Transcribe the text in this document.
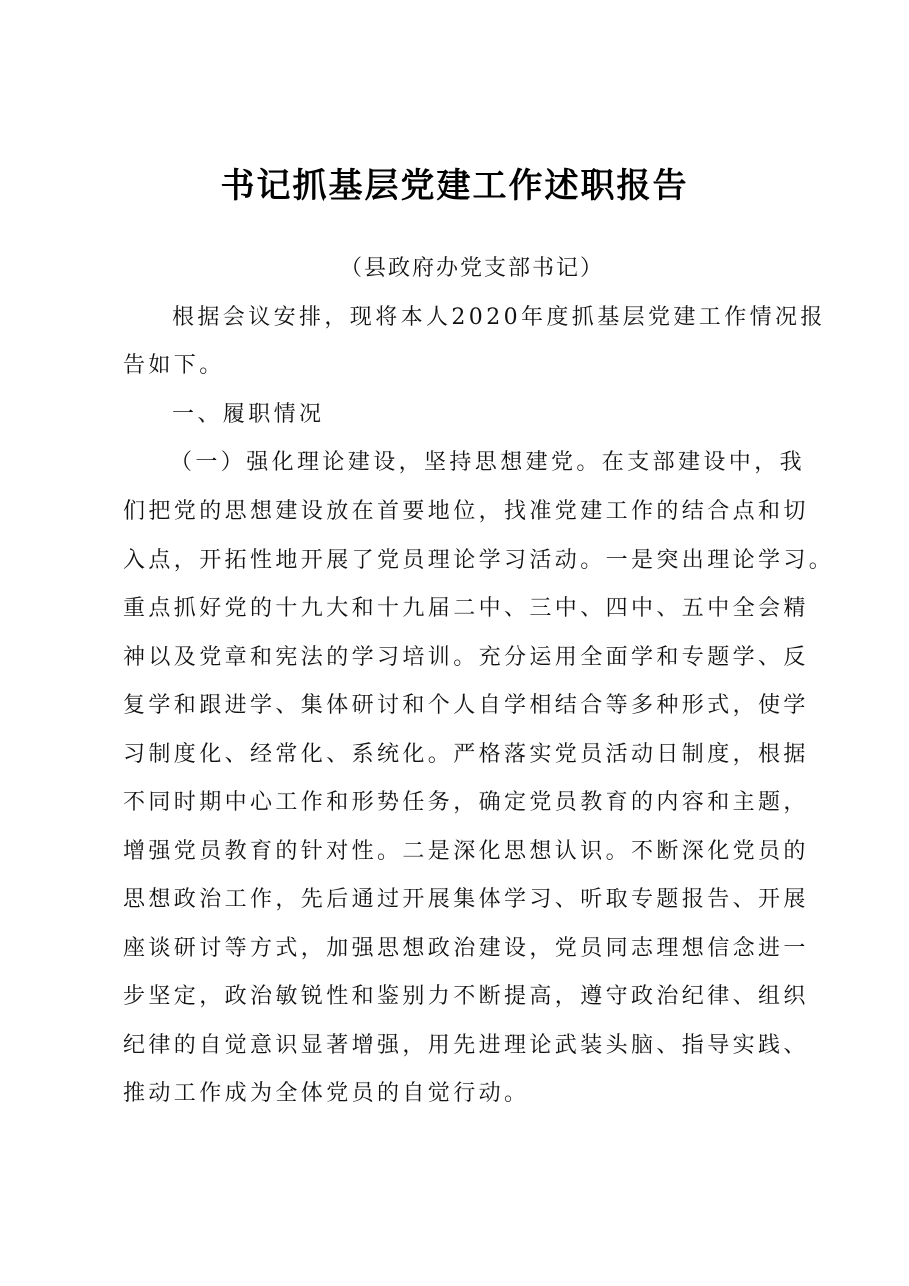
书记抓基层党建工作述职报告
（县政府办党支部书记）
根据会议安排，现将本人2020年度抓基层党建工作情况报
告如下。
一、履职情况
（一）强化理论建设，坚持思想建党。在支部建设中，我
们把党的思想建设放在首要地位，找准党建工作的结合点和切
入点，开拓性地开展了党员理论学习活动。一是突出理论学习。
重点抓好党的十九大和十九届二中、三中、四中、五中全会精
神以及党章和宪法的学习培训。充分运用全面学和专题学、反
复学和跟进学、集体研讨和个人自学相结合等多种形式，使学
习制度化、经常化、系统化。严格落实党员活动日制度，根据
不同时期中心工作和形势任务，确定党员教育的内容和主题，
增强党员教育的针对性。二是深化思想认识。不断深化党员的
思想政治工作，先后通过开展集体学习、听取专题报告、开展
座谈研讨等方式，加强思想政治建设，党员同志理想信念进一
步坚定，政治敏锐性和鉴别力不断提高，遵守政治纪律、组织
纪律的自觉意识显著增强，用先进理论武装头脑、指导实践、
推动工作成为全体党员的自觉行动。
